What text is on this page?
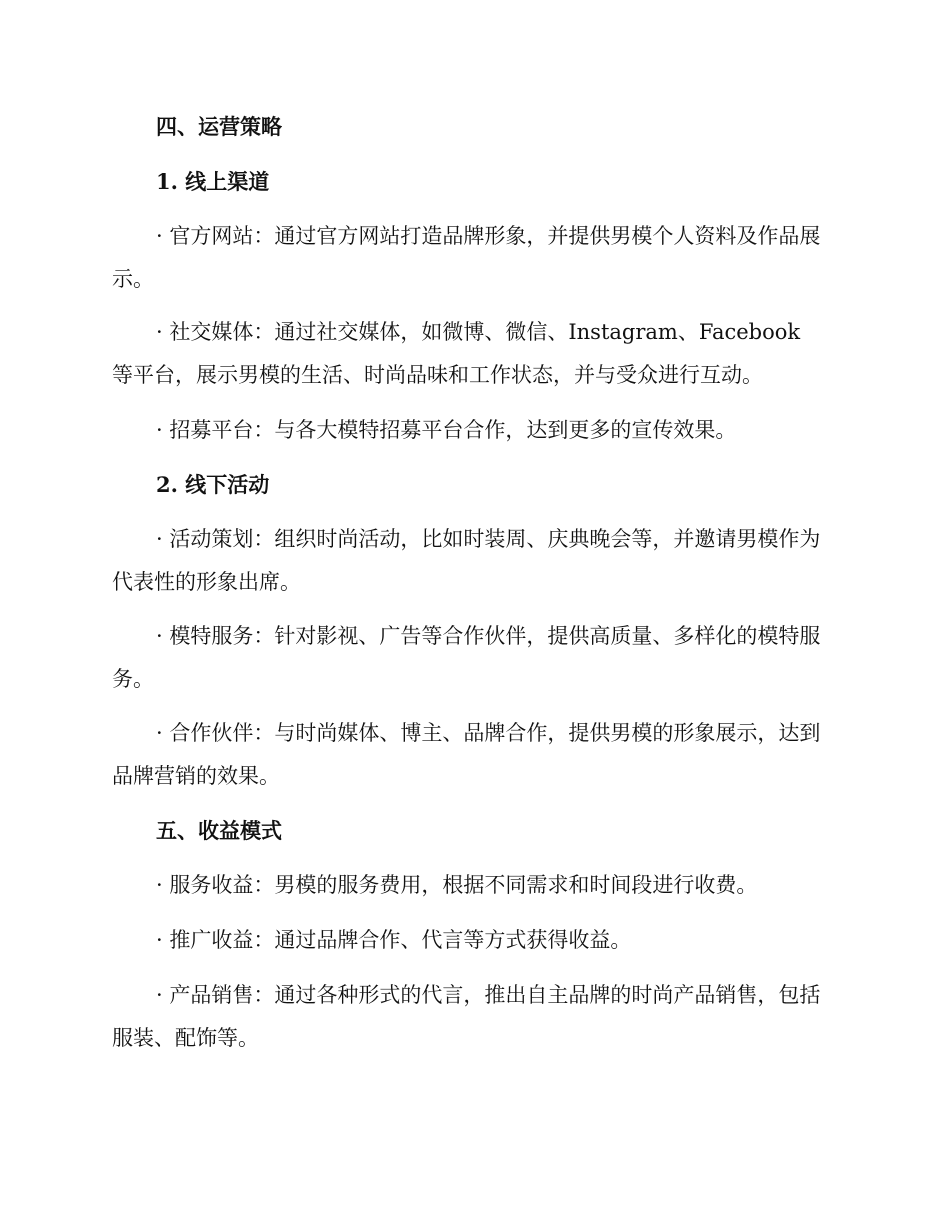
四、运营策略

1. 线上渠道

· 官方网站：通过官方网站打造品牌形象，并提供男模个人资料及作品展示。

· 社交媒体：通过社交媒体，如微博、微信、Instagram、Facebook 等平台，展示男模的生活、时尚品味和工作状态，并与受众进行互动。

· 招募平台：与各大模特招募平台合作，达到更多的宣传效果。

2. 线下活动

· 活动策划：组织时尚活动，比如时装周、庆典晚会等，并邀请男模作为代表性的形象出席。

· 模特服务：针对影视、广告等合作伙伴，提供高质量、多样化的模特服务。

· 合作伙伴：与时尚媒体、博主、品牌合作，提供男模的形象展示，达到品牌营销的效果。

五、收益模式

· 服务收益：男模的服务费用，根据不同需求和时间段进行收费。

· 推广收益：通过品牌合作、代言等方式获得收益。

· 产品销售：通过各种形式的代言，推出自主品牌的时尚产品销售，包括服装、配饰等。
